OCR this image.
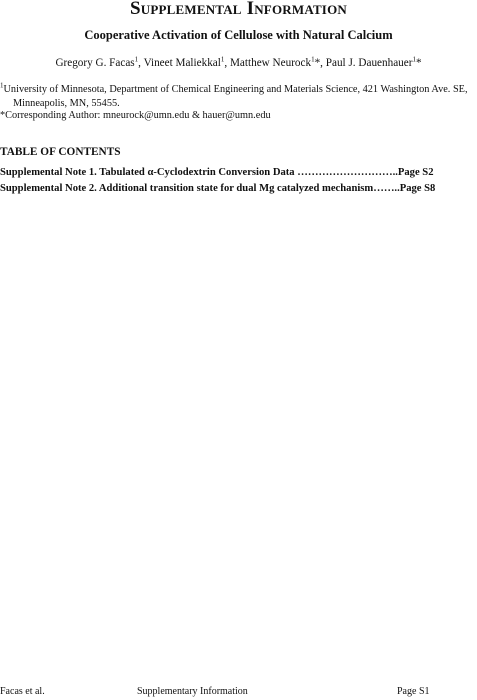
Supplemental Information
Cooperative Activation of Cellulose with Natural Calcium
Gregory G. Facas$^1$, Vineet Maliekkal$^1$, Matthew Neurock$^1$*, Paul J. Dauenhauer$^1$*
$^1$University of Minnesota, Department of Chemical Engineering and Materials Science, 421 Washington Ave. SE,
Minneapolis, MN, 55455.
*Corresponding Author: mneurock@umn.edu & hauer@umn.edu
TABLE OF CONTENTS
Supplemental Note 1. Tabulated α-Cyclodextrin Conversion Data ………………………..Page S2
Supplemental Note 2. Additional transition state for dual Mg catalyzed mechanism……..Page S8
Facas et al.	Supplementary Information	Page S1
